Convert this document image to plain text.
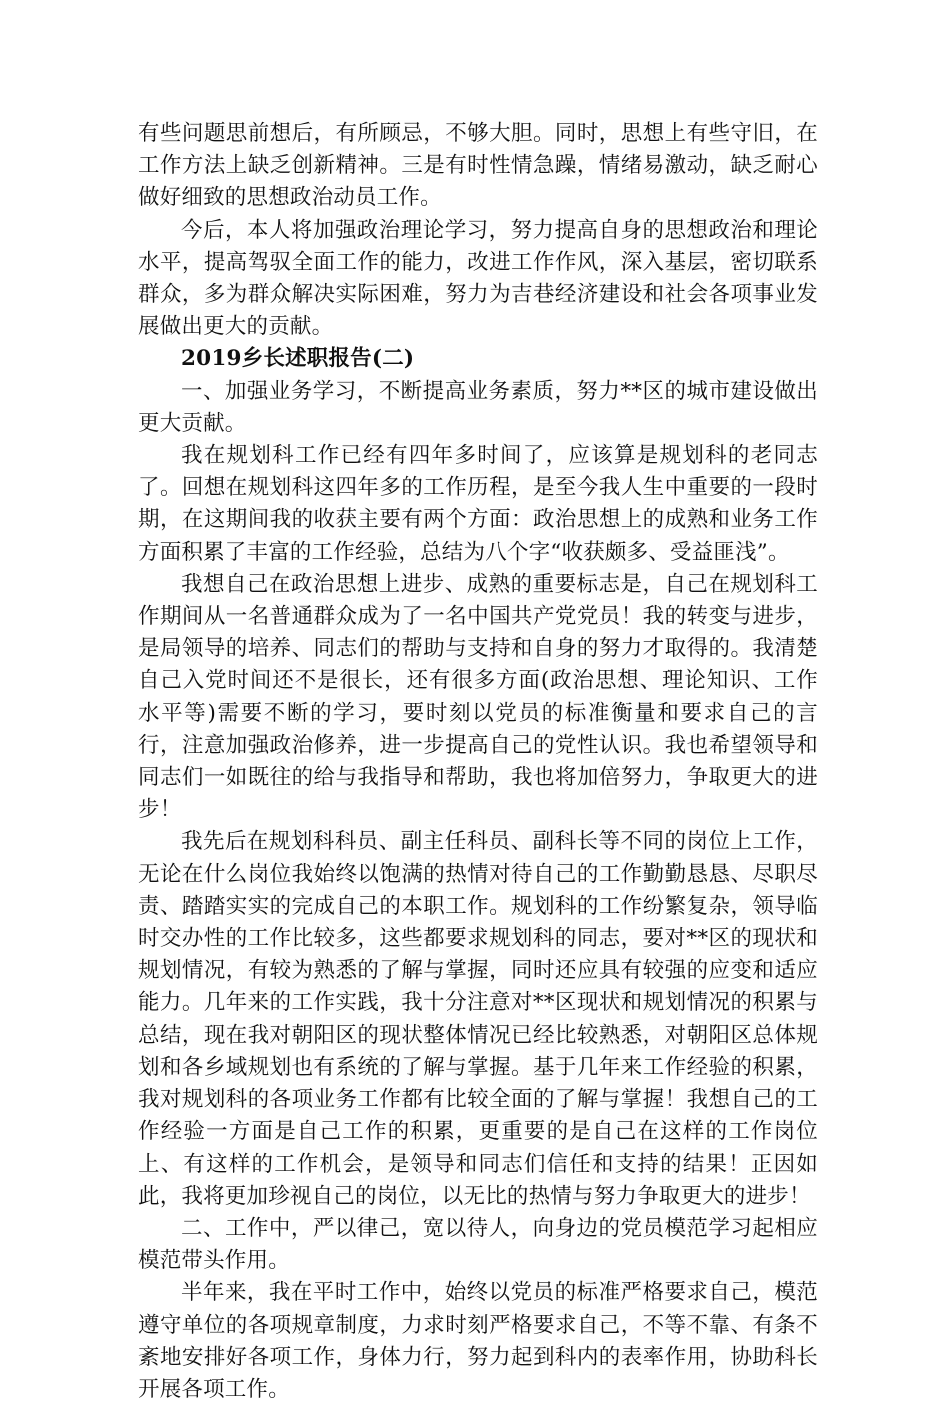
有些问题思前想后，有所顾忌，不够大胆。同时，思想上有些守旧，在工作方法上缺乏创新精神。三是有时性情急躁，情绪易激动，缺乏耐心做好细致的思想政治动员工作。

今后，本人将加强政治理论学习，努力提高自身的思想政治和理论水平，提高驾驭全面工作的能力，改进工作作风，深入基层，密切联系群众，多为群众解决实际困难，努力为吉巷经济建设和社会各项事业发展做出更大的贡献。

2019乡长述职报告(二)

一、加强业务学习，不断提高业务素质，努力**区的城市建设做出更大贡献。

我在规划科工作已经有四年多时间了，应该算是规划科的老同志了。回想在规划科这四年多的工作历程，是至今我人生中重要的一段时期，在这期间我的收获主要有两个方面：政治思想上的成熟和业务工作方面积累了丰富的工作经验，总结为八个字“收获颇多、受益匪浅”。

我想自己在政治思想上进步、成熟的重要标志是，自己在规划科工作期间从一名普通群众成为了一名中国共产党党员！我的转变与进步，是局领导的培养、同志们的帮助与支持和自身的努力才取得的。我清楚自己入党时间还不是很长，还有很多方面(政治思想、理论知识、工作水平等)需要不断的学习，要时刻以党员的标准衡量和要求自己的言行，注意加强政治修养，进一步提高自己的党性认识。我也希望领导和同志们一如既往的给与我指导和帮助，我也将加倍努力，争取更大的进步！

我先后在规划科科员、副主任科员、副科长等不同的岗位上工作，无论在什么岗位我始终以饱满的热情对待自己的工作勤勤恳恳、尽职尽责、踏踏实实的完成自己的本职工作。规划科的工作纷繁复杂，领导临时交办性的工作比较多，这些都要求规划科的同志，要对**区的现状和规划情况，有较为熟悉的了解与掌握，同时还应具有较强的应变和适应能力。几年来的工作实践，我十分注意对**区现状和规划情况的积累与总结，现在我对朝阳区的现状整体情况已经比较熟悉，对朝阳区总体规划和各乡域规划也有系统的了解与掌握。基于几年来工作经验的积累，我对规划科的各项业务工作都有比较全面的了解与掌握！我想自己的工作经验一方面是自己工作的积累，更重要的是自己在这样的工作岗位上、有这样的工作机会，是领导和同志们信任和支持的结果！正因如此，我将更加珍视自己的岗位，以无比的热情与努力争取更大的进步！

二、工作中，严以律己，宽以待人，向身边的党员模范学习起相应模范带头作用。

半年来，我在平时工作中，始终以党员的标准严格要求自己，模范遵守单位的各项规章制度，力求时刻严格要求自己，不等不靠、有条不紊地安排好各项工作，身体力行，努力起到科内的表率作用，协助科长开展各项工作。
